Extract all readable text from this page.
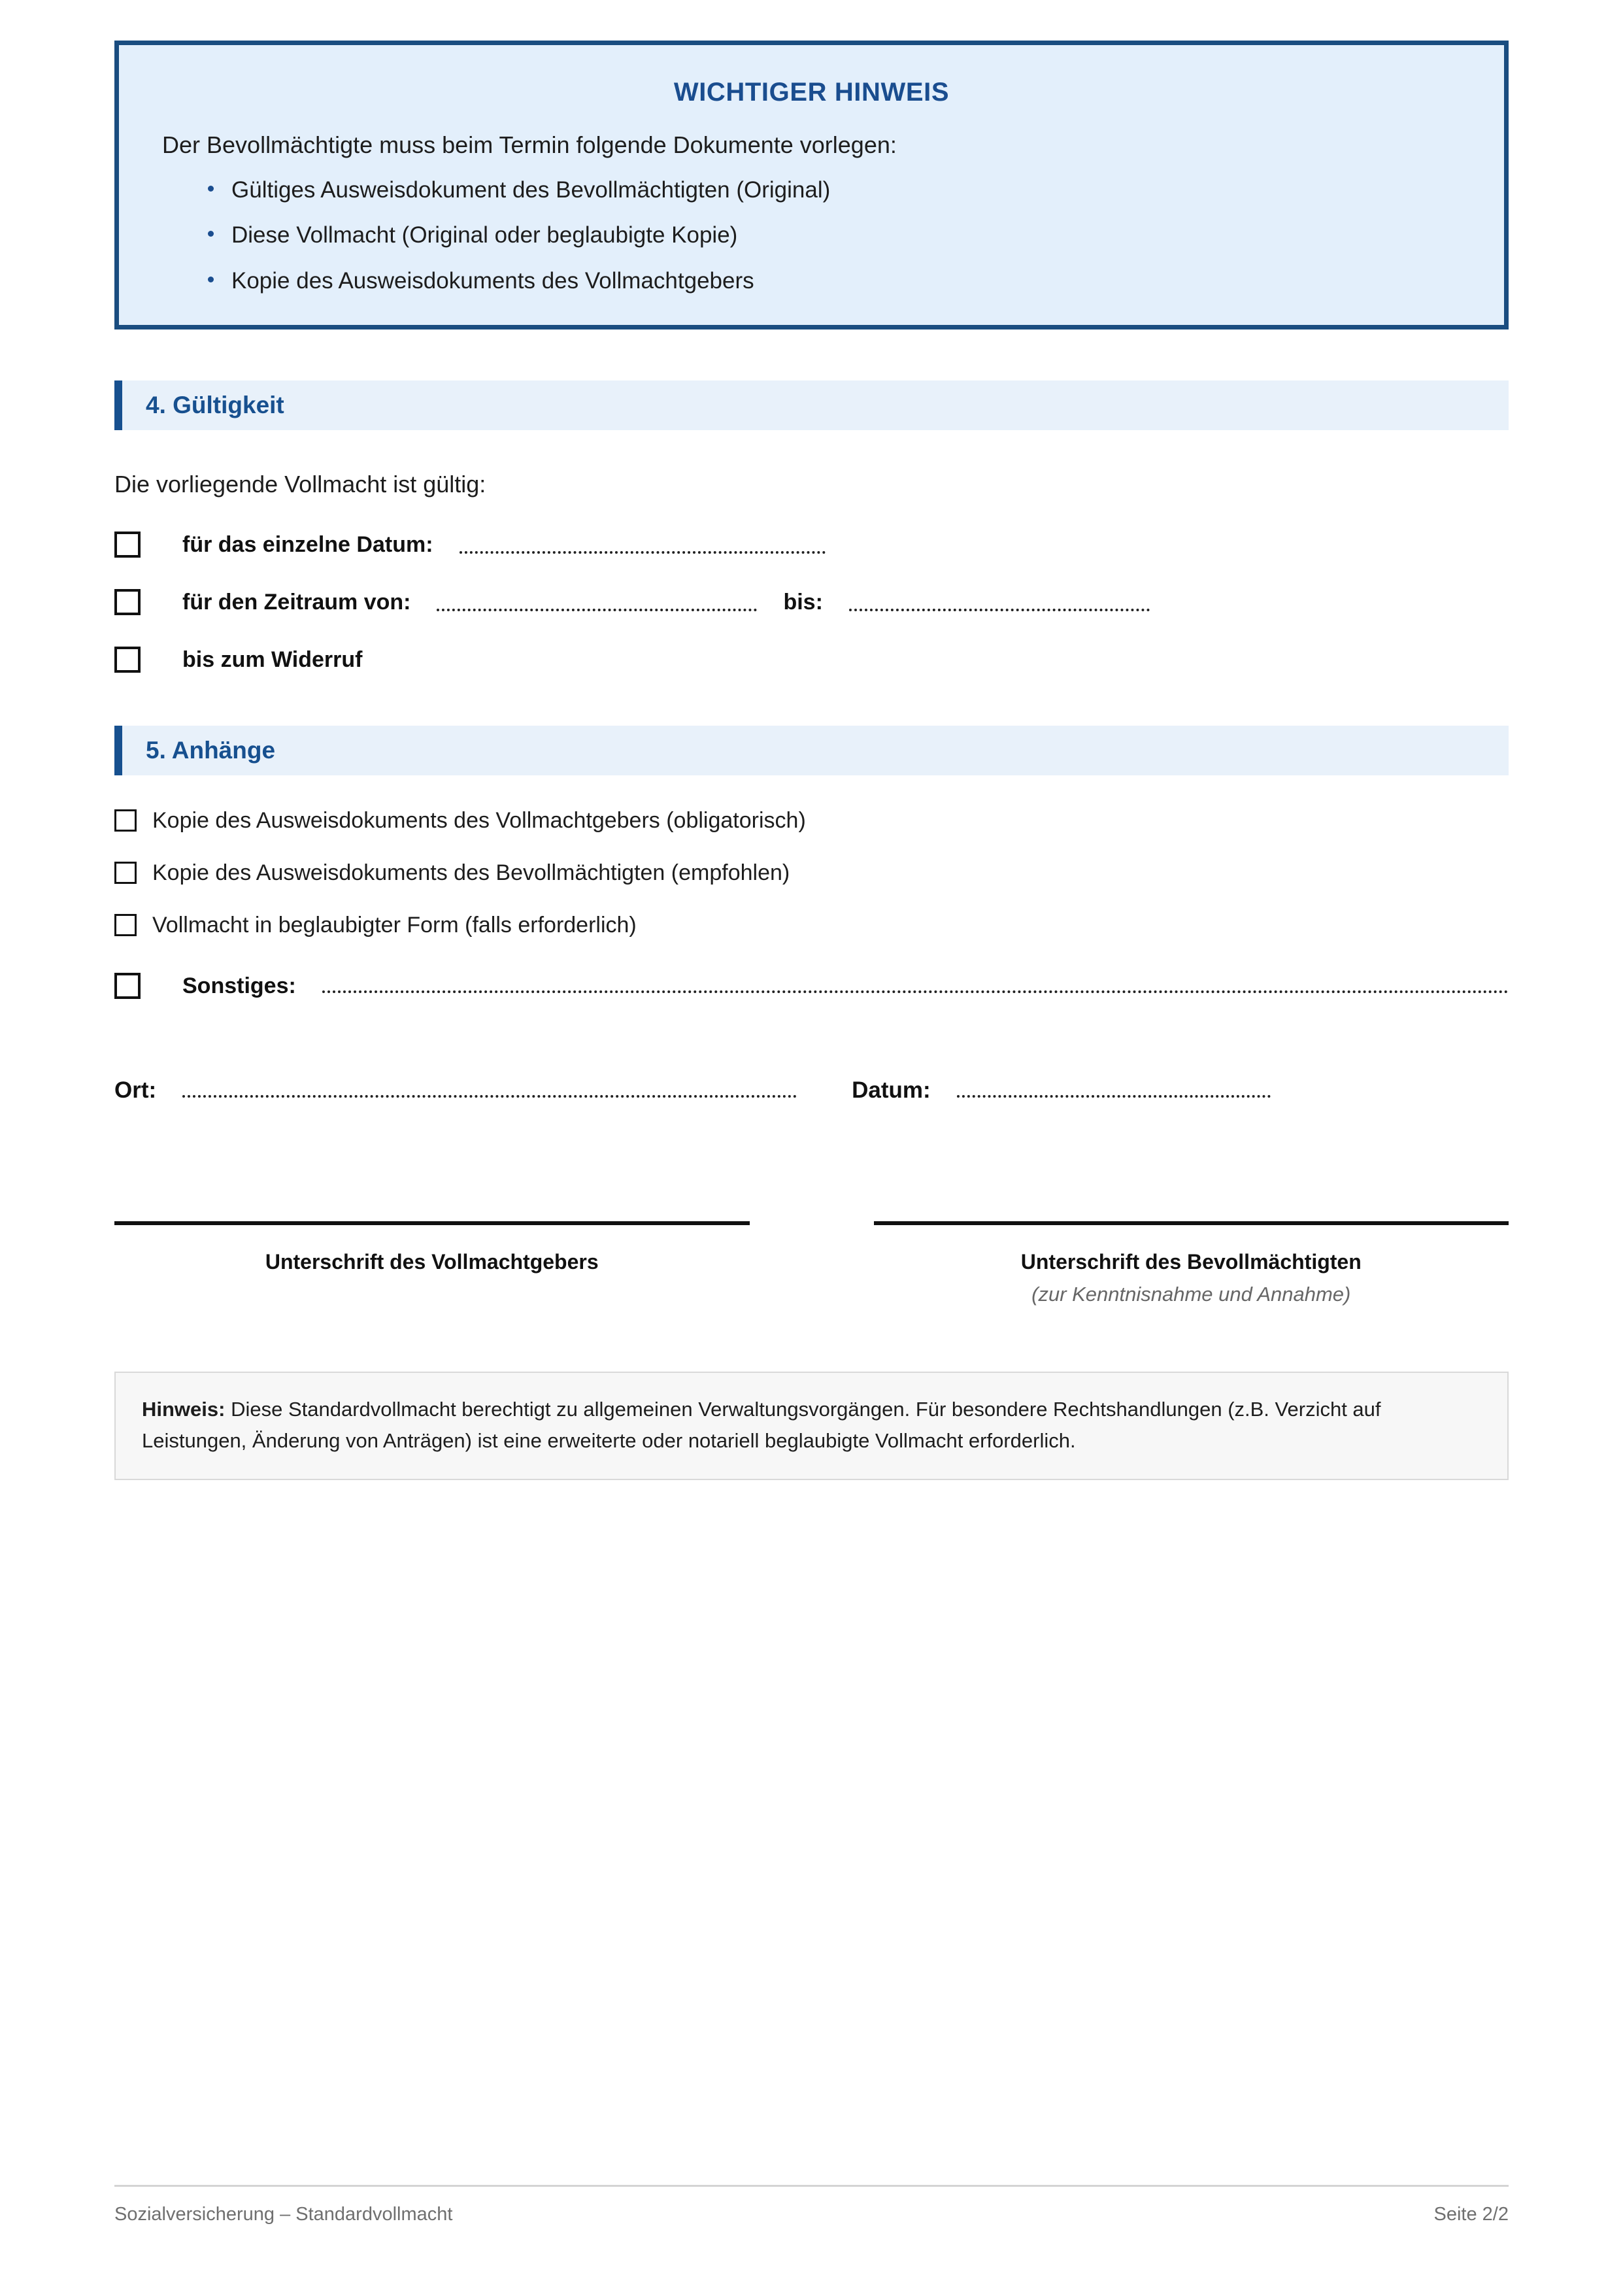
WICHTIGER HINWEIS

Der Bevollmächtigte muss beim Termin folgende Dokumente vorlegen:

Gültiges Ausweisdokument des Bevollmächtigten (Original)
Diese Vollmacht (Original oder beglaubigte Kopie)
Kopie des Ausweisdokuments des Vollmachtgebers
4. Gültigkeit

Die vorliegende Vollmacht ist gültig:

für das einzelne Datum:
für den Zeitraum von:	bis:
bis zum Widerruf
5. Anhänge
Kopie des Ausweisdokuments des Vollmachtgebers (obligatorisch)
Kopie des Ausweisdokuments des Bevollmächtigten (empfohlen)
Vollmacht in beglaubigter Form (falls erforderlich)
Sonstiges:
Ort:	Datum:
Unterschrift des Vollmachtgebers	Unterschrift des Bevollmächtigten
(zur Kenntnisnahme und Annahme)

Hinweis: Diese Standardvollmacht berechtigt zu allgemeinen Verwaltungsvorgängen. Für besondere Rechtshandlungen (z.B. Verzicht auf Leistungen, Änderung von Anträgen) ist eine erweiterte oder notariell beglaubigte Vollmacht erforderlich.

Sozialversicherung – Standardvollmacht	Seite 2/2
